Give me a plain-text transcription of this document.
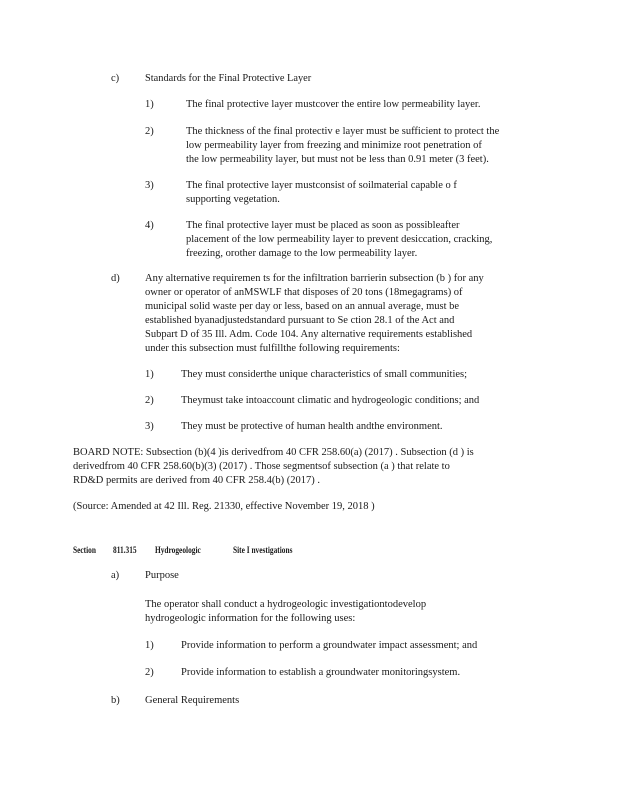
c) Standards for the Final Protective Layer
1)	The final protective layer mustcover the entire low permeability layer.
2)	The thickness of the final protectiv e layer must be sufficient to protect the
low permeability layer from freezing and minimize root penetration of
the low permeability layer, but must not be less than 0.91 meter (3 feet).
3)	The final protective layer mustconsist of soilmaterial capable o f
supporting vegetation.
4)	The final protective layer must be placed as soon as possibleafter
placement of the low permeability layer to prevent desiccation, cracking,
freezing, orother damage to the low permeability layer.
d) Any alternative requiremen ts for the infiltration barrierin subsection (b ) for any
owner or operator of anMSWLF that disposes of 20 tons (18megagrams) of
municipal solid waste per day or less, based on an annual average, must be
established byanadjustedstandard pursuant to Se ction 28.1 of the Act and
Subpart D of 35 Ill. Adm. Code 104. Any alternative requirements established
under this subsection must fulfillthe following requirements:
1)	They must considerthe unique characteristics of small communities;
2)	Theymust take intoaccount climatic and hydrogeologic conditions; and
3)	They must be protective of human health andthe environment.
BOARD NOTE: Subsection (b)(4 )is derivedfrom 40 CFR 258.60(a) (2017) . Subsection (d ) is
derivedfrom 40 CFR 258.60(b)(3) (2017) . Those segmentsof subsection (a ) that relate to
RD&D permits are derived from 40 CFR 258.4(b) (2017) .
(Source: Amended at 42 Ill. Reg. 21330, effective November 19, 2018 )
Section 811.315 Hydrogeologic	Site I nvestigations
a) Purpose
The operator shall conduct a hydrogeologic investigationtodevelop
hydrogeologic information for the following uses:
1)	Provide information to perform a groundwater impact assessment; and
2)	Provide information to establish a groundwater monitoringsystem.
b) General Requirements
